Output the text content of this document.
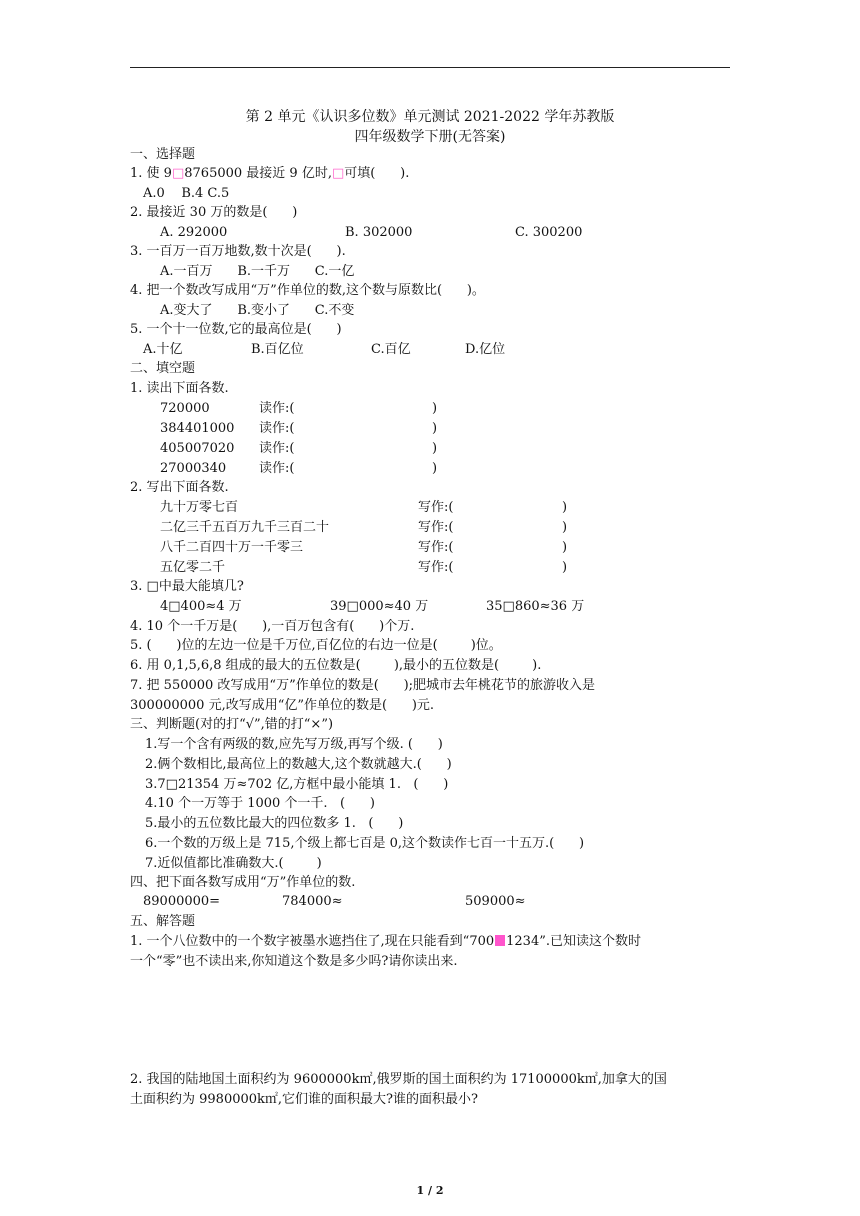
第 2 单元《认识多位数》单元测试 2021-2022 学年苏教版
四年级数学下册(无答案)
一、选择题
1. 使 9□8765000 最接近 9 亿时,□可填(      ).
A.0    B.4 C.5
2. 最接近 30 万的数是(      )
A. 292000	B. 302000	C. 300200
3. 一百万一百万地数,数十次是(      ).
A.一百万      B.一千万      C.一亿
4. 把一个数改写成用“万”作单位的数,这个数与原数比(      )。
A.变大了      B.变小了      C.不变
5. 一个十一位数,它的最高位是(      )
A.十亿	B.百亿位	C.百亿	D.亿位
二、填空题
1. 读出下面各数.
720000	读作:(	)
384401000 读作:(	)
405007020 读作:(	)
27000340	读作:(	)
2. 写出下面各数.
九十万零七百	写作:(	)
二亿三千五百万九千三百二十	写作:(	)
八千二百四十万一千零三	写作:(	)
五亿零二千	写作:(	)
3. □中最大能填几?
4□400≈4 万	39□000≈40 万	35□860≈36 万
4. 10 个一千万是(      ),一百万包含有(      )个万.
5. (      )位的左边一位是千万位,百亿位的右边一位是(        )位。
6. 用 0,1,5,6,8 组成的最大的五位数是(        ),最小的五位数是(        ).
7. 把 550000 改写成用“万”作单位的数是(      );肥城市去年桃花节的旅游收入是
300000000 元,改写成用“亿”作单位的数是(      )元.
三、判断题(对的打“√”,错的打“×”)
1.写一个含有两级的数,应先写万级,再写个级. (      )
2.俩个数相比,最高位上的数越大,这个数就越大.(      )
3.7□21354 万≈702 亿,方框中最小能填 1.   (      )
4.10 个一万等于 1000 个一千.   (      )
5.最小的五位数比最大的四位数多 1.   (      )
6.一个数的万级上是 715,个级上都七百是 0,这个数读作七百一十五万.(      )
7.近似值都比准确数大.(        )
四、把下面各数写成用“万”作单位的数.
89000000=	784000≈	509000≈
五、解答题
1. 一个八位数中的一个数字被墨水遮挡住了,现在只能看到“700 1234”.已知读这个数时
一个“零”也不读出来,你知道这个数是多少吗?请你读出来.
2. 我国的陆地国土面积约为 9600000k㎡,俄罗斯的国土面积约为 17100000k㎡,加拿大的国
土面积约为 9980000k㎡,它们谁的面积最大?谁的面积最小?
1 / 2
